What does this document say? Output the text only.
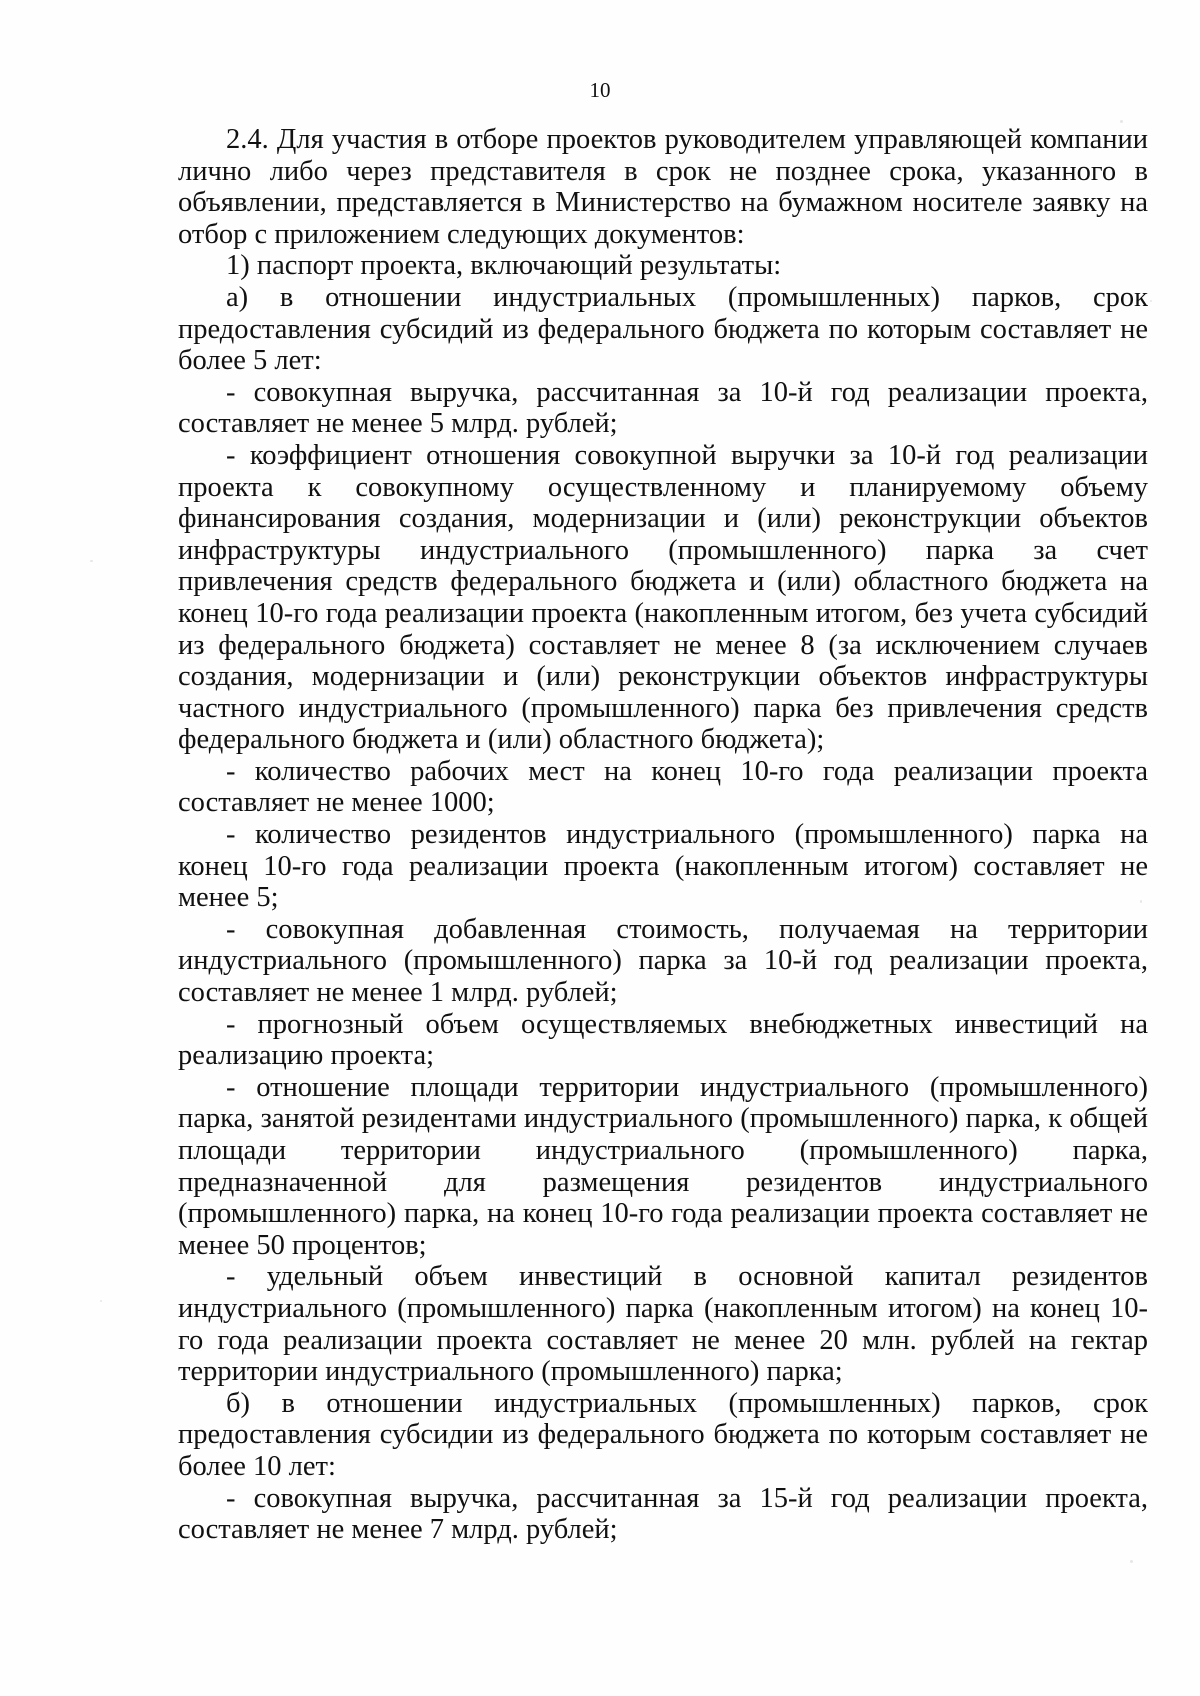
10

2.4. Для участия в отборе проектов руководителем управляющей компании лично либо через представителя в срок не позднее срока, указанного в объявлении, представляется в Министерство на бумажном носителе заявку на отбор с приложением следующих документов:

1) паспорт проекта, включающий результаты:

а) в отношении индустриальных (промышленных) парков, срок предоставления субсидий из федерального бюджета по которым составляет не более 5 лет:

- совокупная выручка, рассчитанная за 10-й год реализации проекта, составляет не менее 5 млрд. рублей;

- коэффициент отношения совокупной выручки за 10-й год реализации проекта к совокупному осуществленному и планируемому объему финансирования создания, модернизации и (или) реконструкции объектов инфраструктуры индустриального (промышленного) парка за счет привлечения средств федерального бюджета и (или) областного бюджета на конец 10-го года реализации проекта (накопленным итогом, без учета субсидий из федерального бюджета) составляет не менее 8 (за исключением случаев создания, модернизации и (или) реконструкции объектов инфраструктуры частного индустриального (промышленного) парка без привлечения средств федерального бюджета и (или) областного бюджета);

- количество рабочих мест на конец 10-го года реализации проекта составляет не менее 1000;

- количество резидентов индустриального (промышленного) парка на конец 10-го года реализации проекта (накопленным итогом) составляет не менее 5;

- совокупная добавленная стоимость, получаемая на территории индустриального (промышленного) парка за 10-й год реализации проекта, составляет не менее 1 млрд. рублей;

- прогнозный объем осуществляемых внебюджетных инвестиций на реализацию проекта;

- отношение площади территории индустриального (промышленного) парка, занятой резидентами индустриального (промышленного) парка, к общей площади территории индустриального (промышленного) парка, предназначенной для размещения резидентов индустриального (промышленного) парка, на конец 10-го года реализации проекта составляет не менее 50 процентов;

- удельный объем инвестиций в основной капитал резидентов индустриального (промышленного) парка (накопленным итогом) на конец 10-го года реализации проекта составляет не менее 20 млн. рублей на гектар территории индустриального (промышленного) парка;

б) в отношении индустриальных (промышленных) парков, срок предоставления субсидии из федерального бюджета по которым составляет не более 10 лет:

- совокупная выручка, рассчитанная за 15-й год реализации проекта, составляет не менее 7 млрд. рублей;
